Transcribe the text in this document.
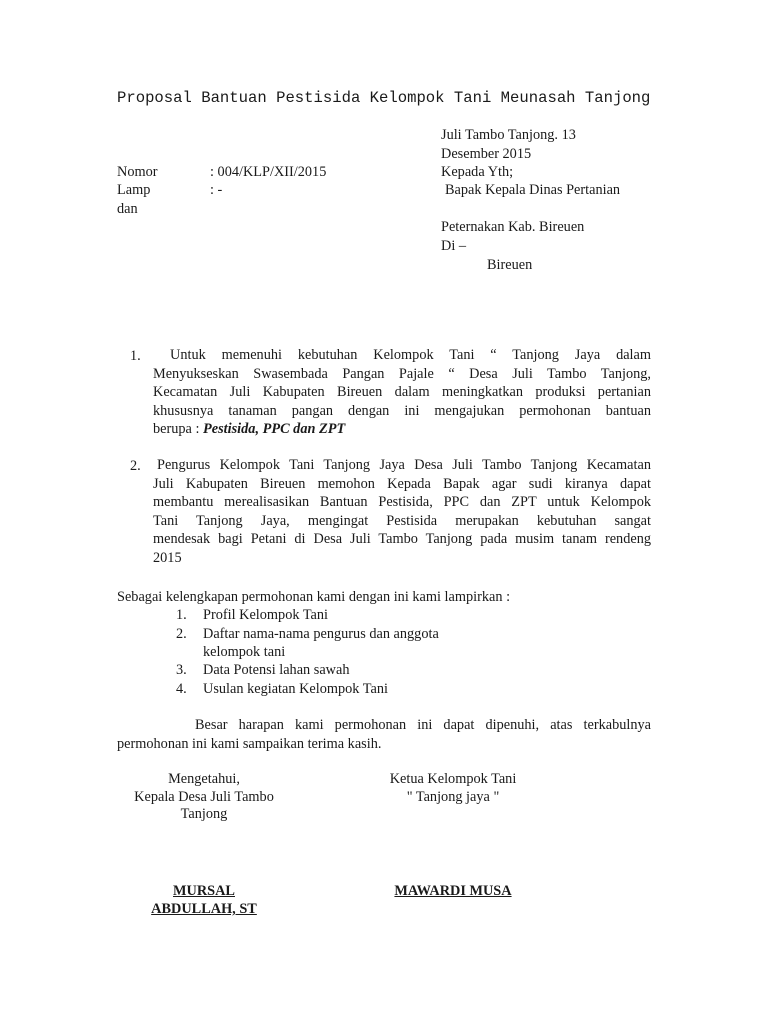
Proposal Bantuan Pestisida Kelompok Tani Meunasah Tanjong
Juli Tambo Tanjong. 13
Desember 2015
Nomor	: 004/KLP/XII/2015
Lamp	: -
dan
Kepada Yth;
Bapak Kepala Dinas Pertanian
Peternakan Kab. Bireuen
Di –
Bireuen
1.	Untuk memenuhi kebutuhan Kelompok Tani “ Tanjong Jaya dalam
Menyukseskan Swasembada Pangan Pajale “ Desa Juli Tambo Tanjong,
Kecamatan Juli Kabupaten Bireuen dalam meningkatkan produksi pertanian
khususnya tanaman pangan dengan ini mengajukan permohonan bantuan
berupa : Pestisida, PPC dan ZPT
2. Pengurus Kelompok Tani Tanjong Jaya Desa Juli Tambo Tanjong Kecamatan
Juli Kabupaten Bireuen memohon Kepada Bapak agar sudi kiranya dapat
membantu merealisasikan Bantuan Pestisida, PPC dan ZPT untuk Kelompok
Tani Tanjong Jaya, mengingat Pestisida merupakan kebutuhan sangat
mendesak bagi Petani di Desa Juli Tambo Tanjong pada musim tanam rendeng
2015
Sebagai kelengkapan permohonan kami dengan ini kami lampirkan :
1. Profil Kelompok Tani
2. Daftar nama-nama pengurus dan anggota
kelompok tani
3. Data Potensi lahan sawah
4. Usulan kegiatan Kelompok Tani
Besar harapan kami permohonan ini dapat dipenuhi, atas terkabulnya
permohonan ini kami sampaikan terima kasih.
Mengetahui,
Kepala Desa Juli Tambo
Tanjong
MURSAL
ABDULLAH, ST
Ketua Kelompok Tani
" Tanjong jaya "
MAWARDI MUSA
